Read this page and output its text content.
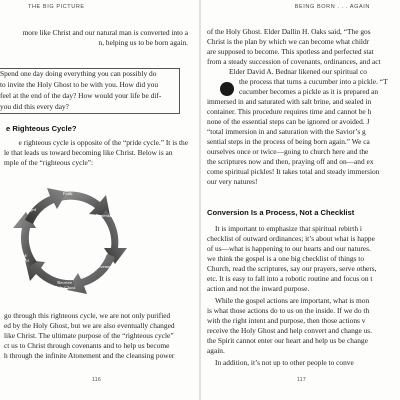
THE BIG PICTURE
more like Christ and our natural man is converted into a
n, helping us to be born again.
Spend one day doing everything you can possibly do
to invite the Holy Ghost to be with you. How did you
feel at the end of the day? How would your life be dif-
you did this every day?
e Righteous Cycle?
e righteous cycle is opposite of the “pride cycle.” It is the
le that leads us toward becoming like Christ. Below is an
mple of the “righteous cycle”:
Faith
Repentance
Covenants
Receive
Holy Ghost
Purified/
Sanctified
Changed
go through this righteous cycle, we are not only purified
ed by the Holy Ghost, but we are also eventually changed
like Christ. The ultimate purpose of the “righteous cycle”
ct us to Christ through covenants and to help us become
h through the infinite Atonement and the cleansing power
116
BEING BORN . . . AGAIN
of the Holy Ghost. Elder Dallin H. Oaks said, “The gos
Christ is the plan by which we can become what childr
are supposed to become. This spotless and perfected stat
from a steady succession of covenants, ordinances, and act
Elder David A. Bednar likened our spiritual co
the process that turns a cucumber into a pickle. “T
cucumber becomes a pickle as it is prepared an
immersed in and saturated with salt brine, and sealed in
container. This procedure requires time and cannot be h
none of the essential steps can be ignored or avoided. J
“total immersion in and saturation with the Savior’s g
sential steps in the process of being born again.” We ca
ourselves once or twice—going to church here and the
the scriptures now and then, praying off and on—and ex
come spiritual pickles! It takes total and steady immersion
our very natures!
Conversion Is a Process, Not a Checklist
It is important to emphasize that spiritual rebirth i
checklist of outward ordinances; it’s about what is happe
of us—what is happening to our hearts and our natures.
we think the gospel is a one big checklist of things to
Church, read the scriptures, say our prayers, serve others,
etc. It is easy to fall into a robotic routine and focus on t
action and not the inward purpose.
While the gospel actions are important, what is mon
is what those actions do to us on the inside. If we do th
with the right intent and purpose, then those actions v
receive the Holy Ghost and help convert and change us.
the Spirit cannot enter our heart and help us be change
again.
In addition, it’s not up to other people to conve
117
